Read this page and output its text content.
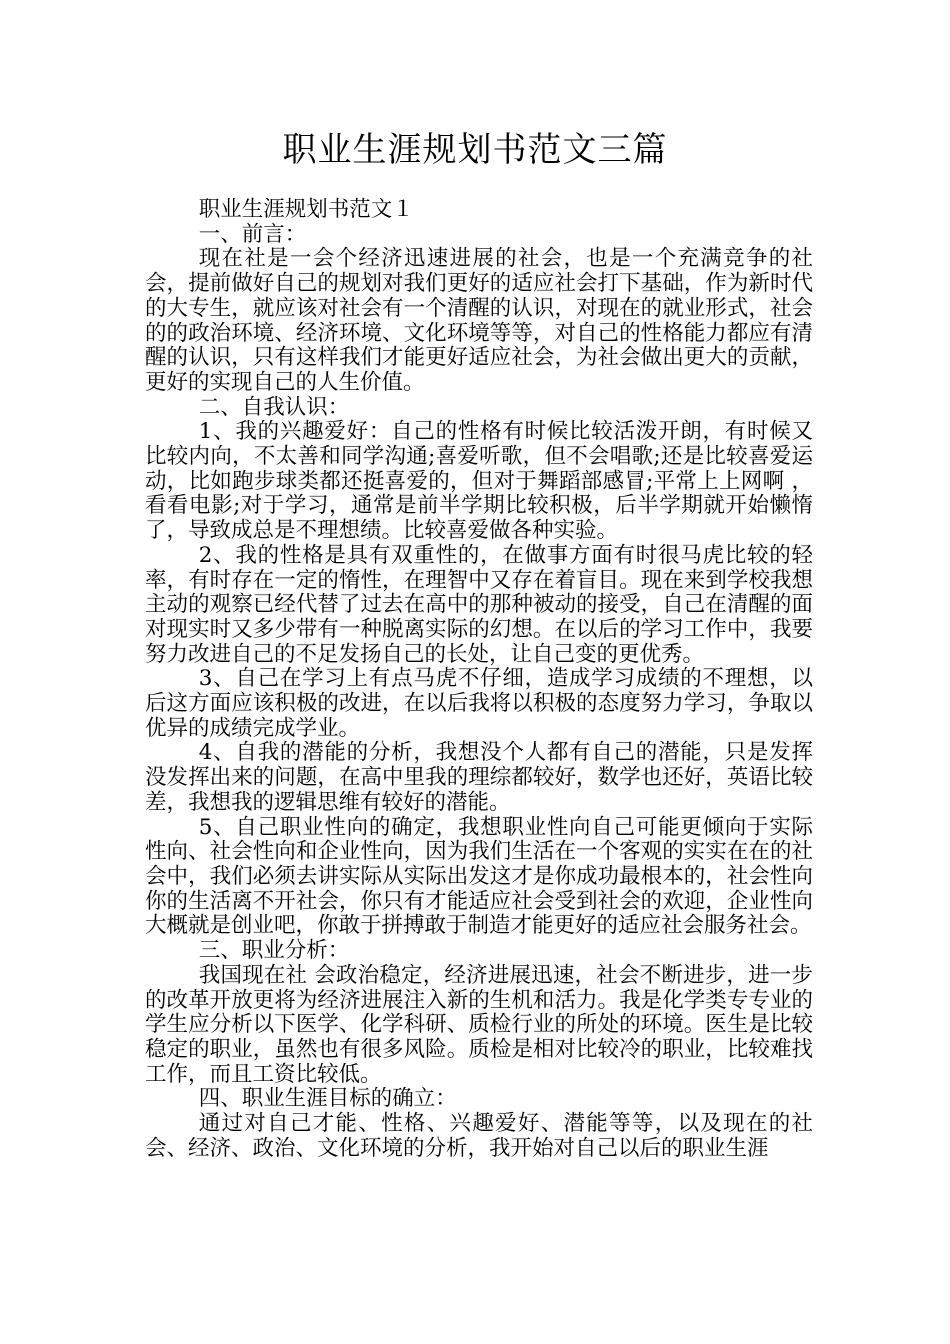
职业生涯规划书范文三篇

职业生涯规划书范文１

一、前言：

现在社是一会个经济迅速进展的社会，也是一个充满竞争的社会，提前做好自己的规划对我们更好的适应社会打下基础，作为新时代的大专生，就应该对社会有一个清醒的认识，对现在的就业形式，社会的的政治环境、经济环境、文化环境等等，对自己的性格能力都应有清醒的认识，只有这样我们才能更好适应社会，为社会做出更大的贡献，更好的实现自己的人生价值。

二、自我认识：

1、我的兴趣爱好：自己的性格有时候比较活泼开朗，有时候又比较内向，不太善和同学沟通;喜爱听歌，但不会唱歌;还是比较喜爱运动，比如跑步球类都还挺喜爱的，但对于舞蹈部感冒;平常上上网啊 ，看看电影;对于学习，通常是前半学期比较积极，后半学期就开始懒惰了，导致成总是不理想绩。比较喜爱做各种实验。

2、我的性格是具有双重性的，在做事方面有时很马虎比较的轻率，有时存在一定的惰性，在理智中又存在着盲目。现在来到学校我想主动的观察已经代替了过去在高中的那种被动的接受，自己在清醒的面对现实时又多少带有一种脱离实际的幻想。在以后的学习工作中，我要努力改进自己的不足发扬自己的长处，让自己变的更优秀。

3、自己在学习上有点马虎不仔细，造成学习成绩的不理想，以后这方面应该积极的改进，在以后我将以积极的态度努力学习，争取以优异的成绩完成学业。

4、自我的潜能的分析，我想没个人都有自己的潜能，只是发挥没发挥出来的问题，在高中里我的理综都较好，数学也还好，英语比较差，我想我的逻辑思维有较好的潜能。

5、自己职业性向的确定，我想职业性向自己可能更倾向于实际性向、社会性向和企业性向，因为我们生活在一个客观的实实在在的社会中，我们必须去讲实际从实际出发这才是你成功最根本的，社会性向你的生活离不开社会，你只有才能适应社会受到社会的欢迎，企业性向大概就是创业吧，你敢于拼搏敢于制造才能更好的适应社会服务社会。

三、职业分析：

我国现在社 会政治稳定，经济进展迅速，社会不断进步，进一步的改革开放更将为经济进展注入新的生机和活力。我是化学类专专业的学生应分析以下医学、化学科研、质检行业的所处的环境。医生是比较稳定的职业，虽然也有很多风险。质检是相对比较冷的职业，比较难找工作，而且工资比较低。

四、职业生涯目标的确立：

通过对自己才能、性格、兴趣爱好、潜能等等，以及现在的社会、经济、政治、文化环境的分析，我开始对自己以后的职业生涯
